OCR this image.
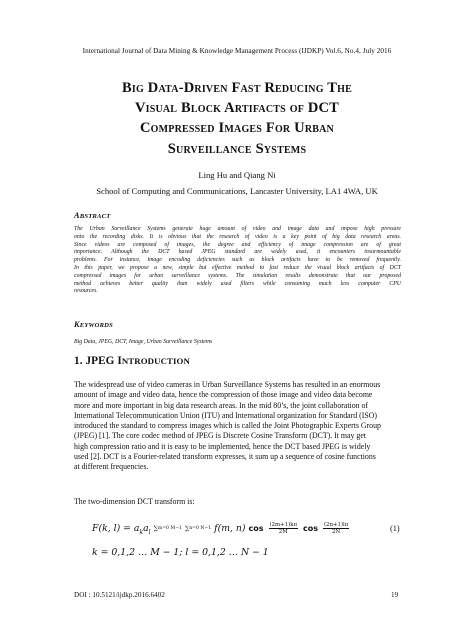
International Journal of Data Mining & Knowledge Management Process (IJDKP) Vol.6, No.4, July 2016
Big Data-Driven Fast Reducing The
Visual Block Artifacts of DCT
Compressed Images For Urban
Surveillance Systems
Ling Hu and Qiang Ni
School of Computing and Communications, Lancaster University, LA1 4WA, UK
ABSTRACT
The Urban Surveillance Systems generate huge amount of video and image data and impose high pressure
onto the recording disks. It is obvious that the research of video is a key point of big data research areas.
Since videos are composed of images, the degree and efficiency of image compression are of great
importance. Although the DCT based JPEG standard are widely used, it encounters insurmountable
problems. For instance, image encoding deficiencies such as block artifacts have to be removed frequently.
In this paper, we propose a new, simple but effective method to fast reduce the visual block artifacts of DCT
compressed images for urban surveillance systems. The simulation results demonstrate that our proposed
method achieves better quality than widely used filters while consuming much less computer CPU
resources.
KEYWORDS
Big Data, JPEG, DCT, Image, Urban Surveillance Systems
1. JPEG INTRODUCTION
The widespread use of video cameras in Urban Surveillance Systems has resulted in an enormous
amount of image and video data, hence the compression of those image and video data become
more and more important in big data research areas. In the mid 80’s, the joint collaboration of
International Telecommunication Union (ITU) and International organization for Standard (ISO)
introduced the standard to compress images which is called the Joint Photographic Experts Group
(JPEG) [1]. The core codec method of JPEG is Discrete Cosine Transform (DCT). It may get
high compression ratio and it is easy to be implemented, hence the DCT based JPEG is widely
used [2]. DCT is a Fourier-related transform expresses, it sum up a sequence of cosine functions
at different frequencies.
The two-dimension DCT transform is:
F(k, $l) = a_ka_l$ ∑m=0 M−1 ∑n=0 N−1 f(m, n) $\cos \frac{(2m+1)k\pi}{2M}$ $\cos \frac{(2n+1)l\pi}{2N}$	(1)
k = 0,1,2 … M − 1; l = 0,1,2 … N − 1
DOI : 10.5121/ijdkp.2016.6402	19
